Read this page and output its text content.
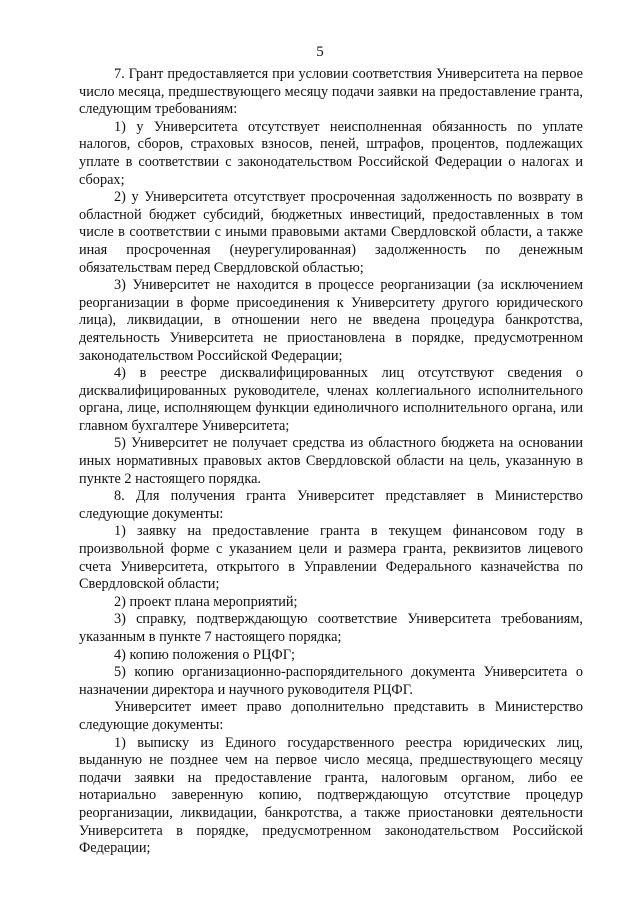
5

7. Грант предоставляется при условии соответствия Университета на первое число месяца, предшествующего месяцу подачи заявки на предоставление гранта, следующим требованиям:

1) у Университета отсутствует неисполненная обязанность по уплате налогов, сборов, страховых взносов, пеней, штрафов, процентов, подлежащих уплате в соответствии с законодательством Российской Федерации о налогах и сборах;

2) у Университета отсутствует просроченная задолженность по возврату в областной бюджет субсидий, бюджетных инвестиций, предоставленных в том числе в соответствии с иными правовыми актами Свердловской области, а также иная просроченная (неурегулированная) задолженность по денежным обязательствам перед Свердловской областью;

3) Университет не находится в процессе реорганизации (за исключением реорганизации в форме присоединения к Университету другого юридического лица), ликвидации, в отношении него не введена процедура банкротства, деятельность Университета не приостановлена в порядке, предусмотренном законодательством Российской Федерации;

4) в реестре дисквалифицированных лиц отсутствуют сведения о дисквалифицированных руководителе, членах коллегиального исполнительного органа, лице, исполняющем функции единоличного исполнительного органа, или главном бухгалтере Университета;

5) Университет не получает средства из областного бюджета на основании иных нормативных правовых актов Свердловской области на цель, указанную в пункте 2 настоящего порядка.

8. Для получения гранта Университет представляет в Министерство следующие документы:

1) заявку на предоставление гранта в текущем финансовом году в произвольной форме с указанием цели и размера гранта, реквизитов лицевого счета Университета, открытого в Управлении Федерального казначейства по Свердловской области;

2) проект плана мероприятий;

3) справку, подтверждающую соответствие Университета требованиям, указанным в пункте 7 настоящего порядка;

4) копию положения о РЦФГ;

5) копию организационно-распорядительного документа Университета о назначении директора и научного руководителя РЦФГ.

Университет имеет право дополнительно представить в Министерство следующие документы:

1) выписку из Единого государственного реестра юридических лиц, выданную не позднее чем на первое число месяца, предшествующего месяцу подачи заявки на предоставление гранта, налоговым органом, либо ее нотариально заверенную копию, подтверждающую отсутствие процедур реорганизации, ликвидации, банкротства, а также приостановки деятельности Университета в порядке, предусмотренном законодательством Российской Федерации;
